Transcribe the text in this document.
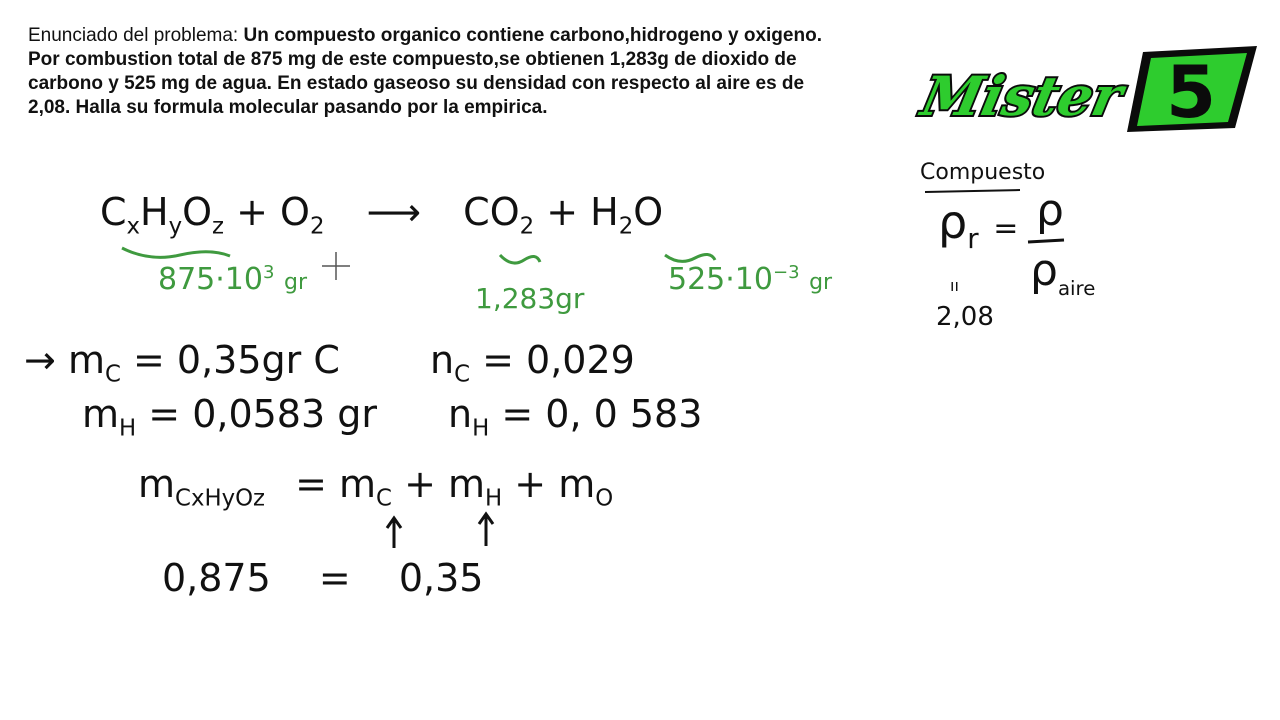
Enunciado del problema: Un compuesto organico contiene carbono,hidrogeno y oxigeno. Por combustion total de 875 mg de este compuesto,se obtienen 1,283g de dioxido de carbono y 525 mg de agua. En estado gaseoso su densidad con respecto al aire es de 2,08. Halla su formula molecular pasando por la empirica.	Mister 5
$C_xH_yO_z + O_2$ ⟶ $CO_2 + H_2O$
$875\cdot 10^3$ gr	1,283gr
$525\cdot 10^{-3}$ gr
Compuesto
$\rho_r = \rho$
$\rho_{aire}$
ıı
2,08
→ $m_C = 0,35gr$ C $n_C = 0,029$
$m_H = 0,0583$ gr $n_H = 0$, 0 583
$m_{CxHyOz} = m_C + m_H + m_O$
0,875 = 0,35
